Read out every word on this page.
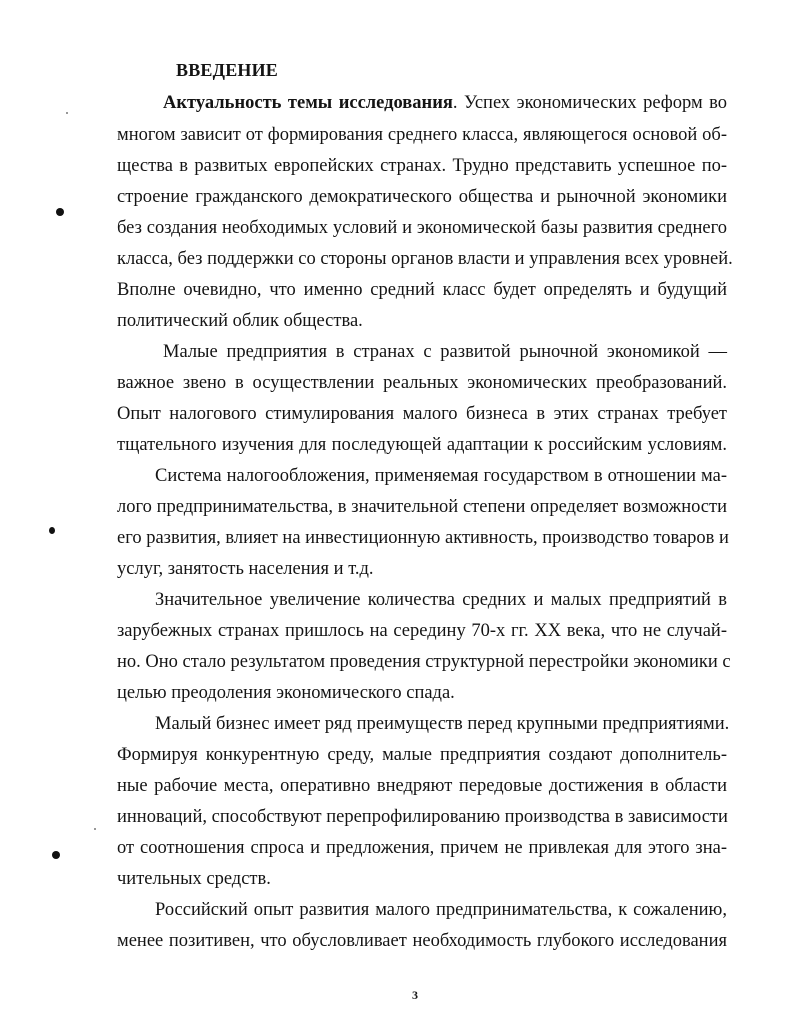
ВВЕДЕНИЕ
Актуальность темы исследования. Успех экономических реформ во
многом зависит от формирования среднего класса, являющегося основой об-
щества в развитых европейских странах. Трудно представить успешное по-
строение гражданского демократического общества и рыночной экономики
без создания необходимых условий и экономической базы развития среднего
класса, без поддержки со стороны органов власти и управления всех уровней.
Вполне очевидно, что именно средний класс будет определять и будущий
политический облик общества.
Малые предприятия в странах с развитой рыночной экономикой —
важное звено в осуществлении реальных экономических преобразований.
Опыт налогового стимулирования малого бизнеса в этих странах требует
тщательного изучения для последующей адаптации к российским условиям.
Система налогообложения, применяемая государством в отношении ма-
лого предпринимательства, в значительной степени определяет возможности
его развития, влияет на инвестиционную активность, производство товаров и
услуг, занятость населения и т.д.
Значительное увеличение количества средних и малых предприятий в
зарубежных странах пришлось на середину 70-х гг. XX века, что не случай-
но. Оно стало результатом проведения структурной перестройки экономики с
целью преодоления экономического спада.
Малый бизнес имеет ряд преимуществ перед крупными предприятиями.
Формируя конкурентную среду, малые предприятия создают дополнитель-
ные рабочие места, оперативно внедряют передовые достижения в области
инноваций, способствуют перепрофилированию производства в зависимости
от соотношения спроса и предложения, причем не привлекая для этого зна-
чительных средств.
Российский опыт развития малого предпринимательства, к сожалению,
менее позитивен, что обусловливает необходимость глубокого исследования
3
